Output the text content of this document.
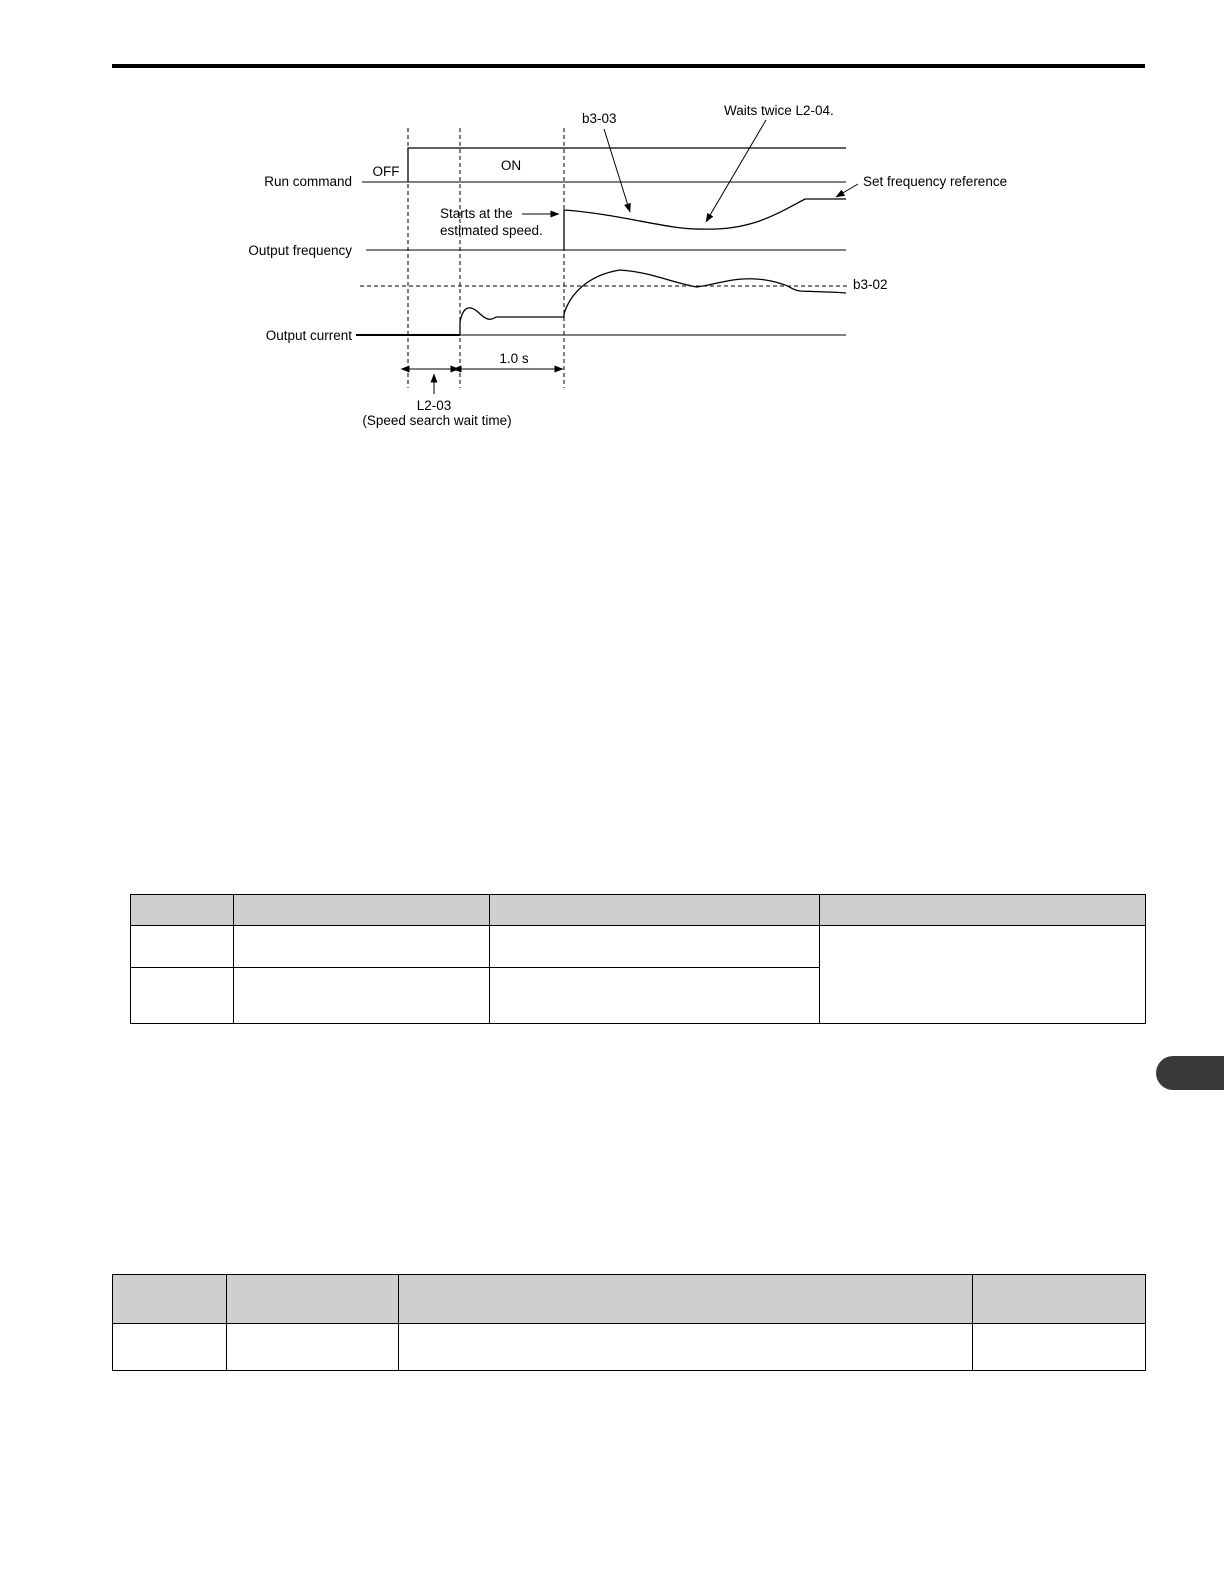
Run command
OFF	ON
Output frequency
Output current
b3-03
Waits twice L2-04.
Set frequency reference
Starts at the
estimated speed.
b3-02
1.0 s
L2-03
(Speed search wait time)
